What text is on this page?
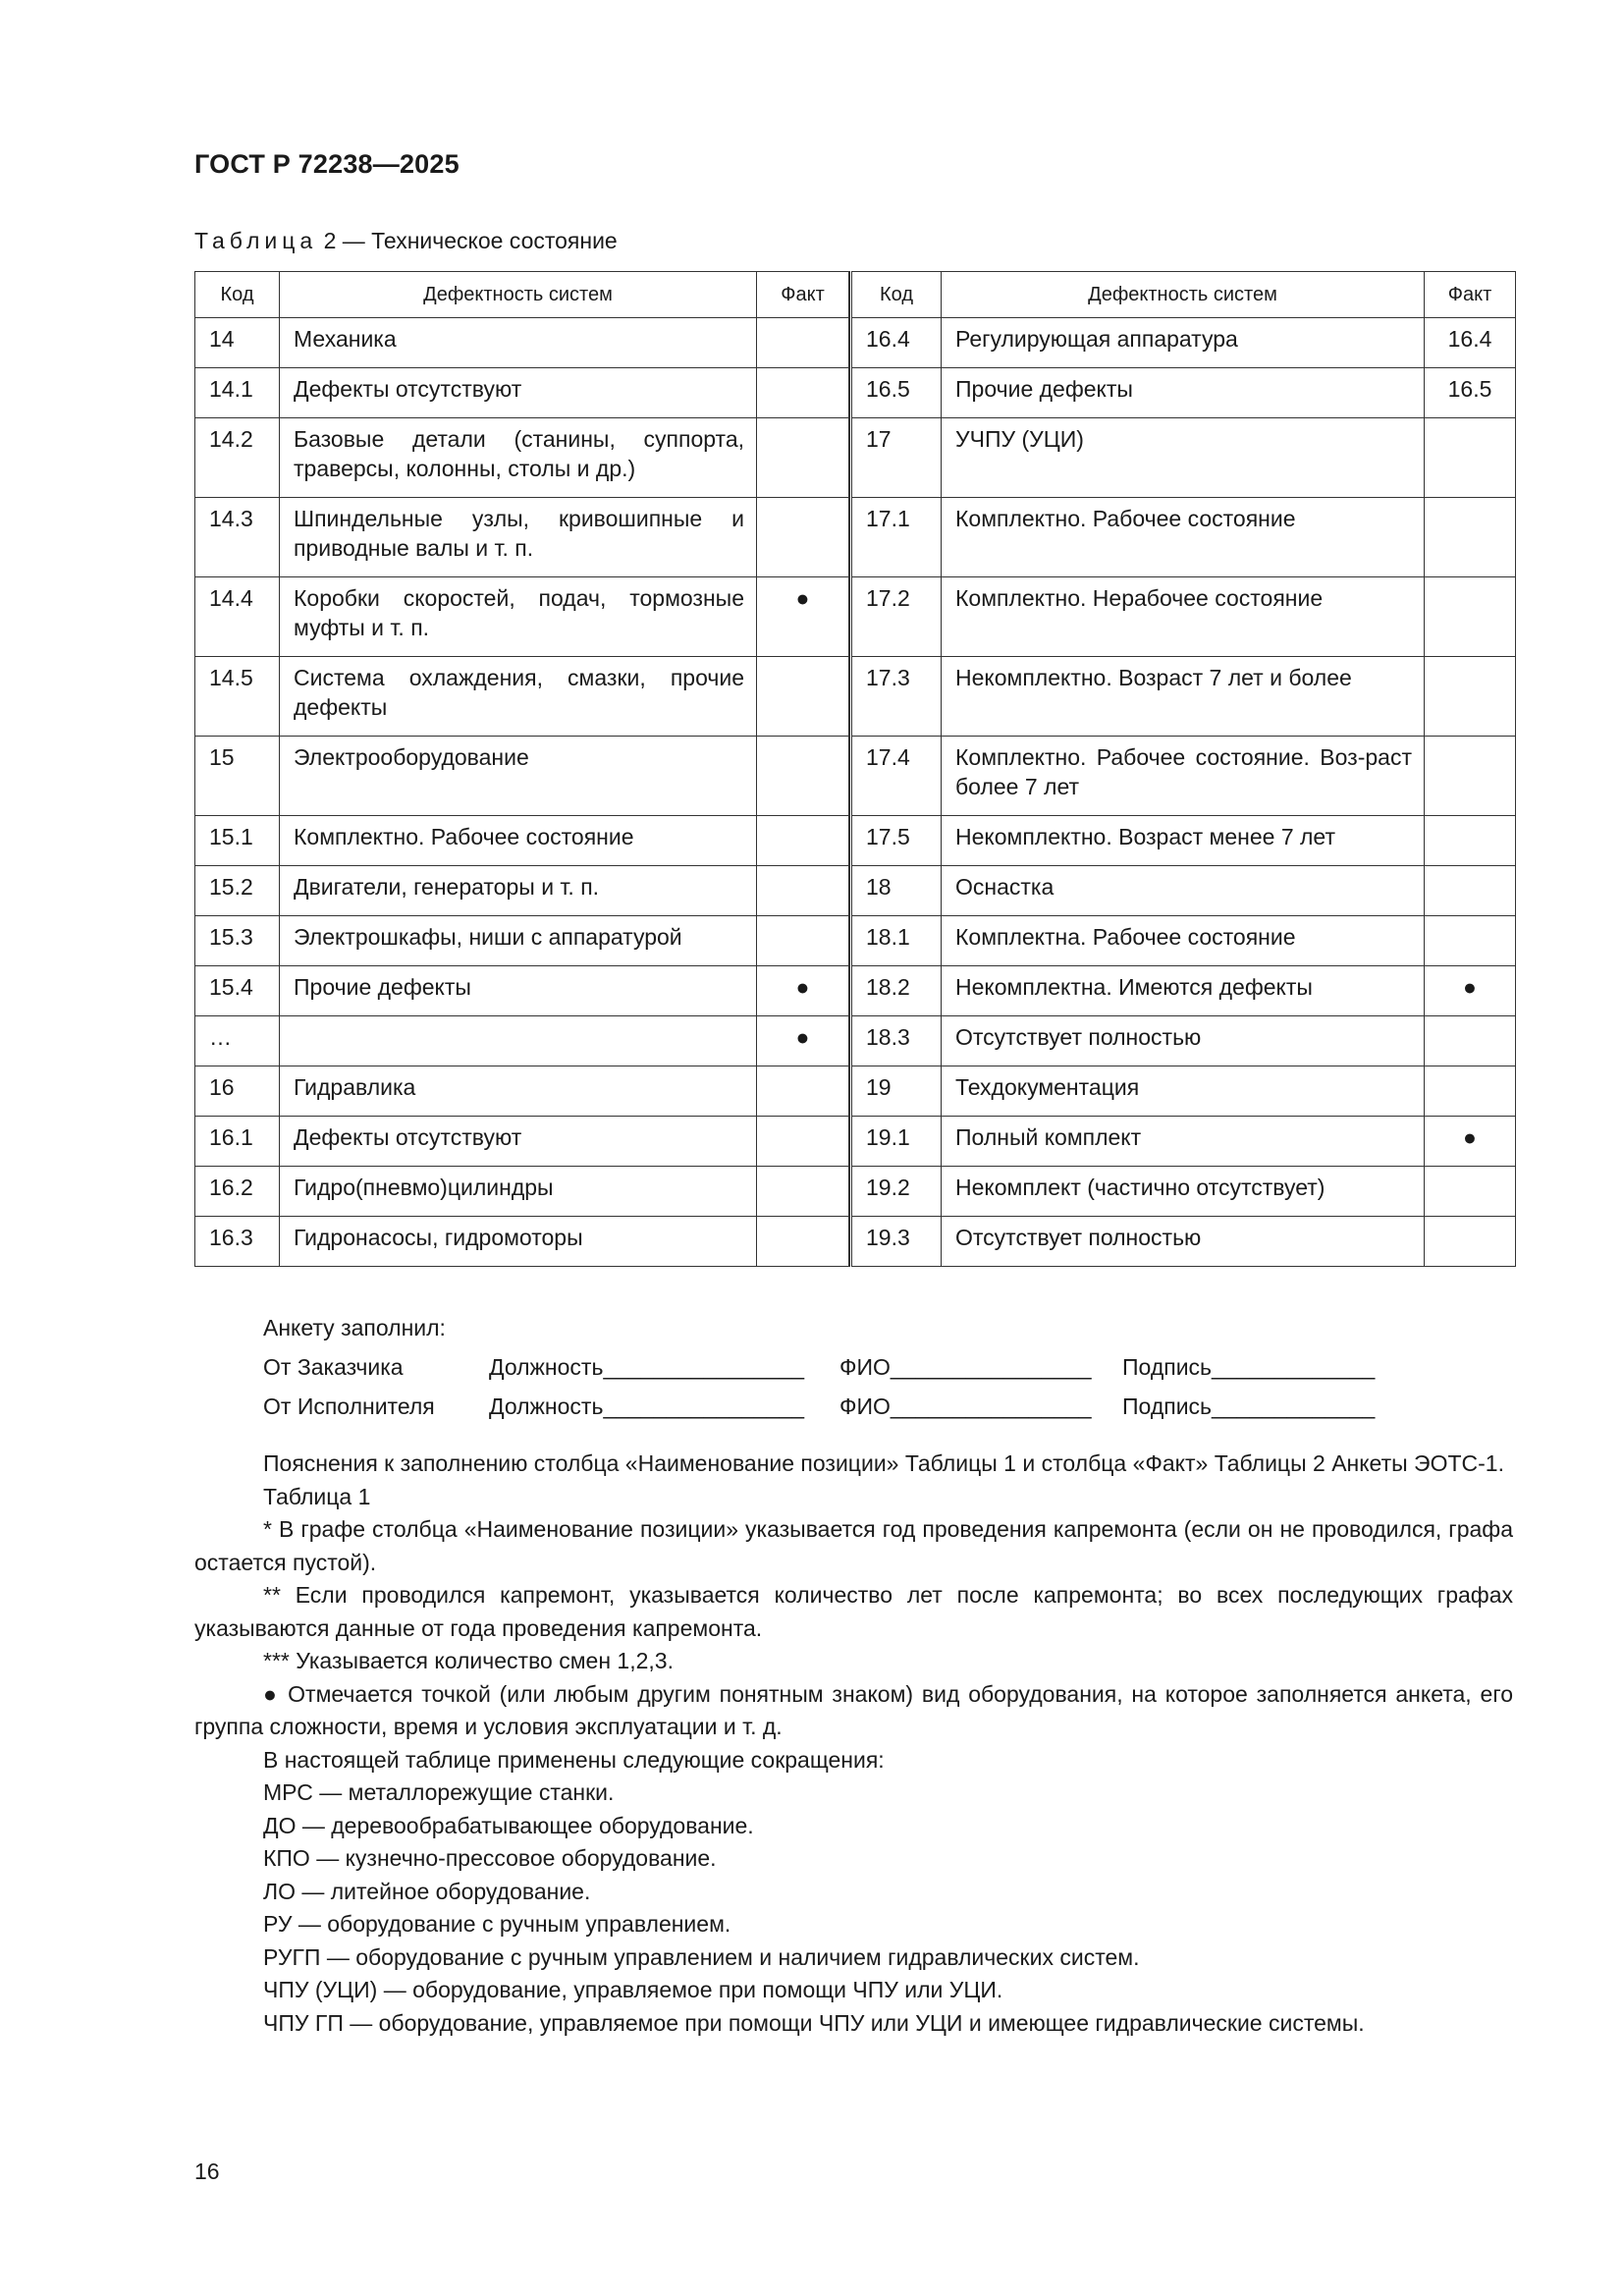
ГОСТ Р 72238—2025
Таблица 2 — Техническое состояние
Код	Дефектность систем	Факт
14	Механика	
14.1	Дефекты отсутствуют	
14.2	Базовые детали (станины, суппорта, траверсы, колонны, столы и др.)	
14.3	Шпиндельные узлы, кривошипные и приводные валы и т. п.	
14.4	Коробки скоростей, подач, тормозные муфты и т. п.	●
14.5	Система охлаждения, смазки, прочие дефекты	
15	Электрооборудование	
15.1	Комплектно. Рабочее состояние	
15.2	Двигатели, генераторы и т. п.	
15.3	Электрошкафы, ниши с аппаратурой	
15.4	Прочие дефекты	●
…		●
16	Гидравлика	
16.1	Дефекты отсутствуют	
16.2	Гидро(пневмо)цилиндры	
16.3	Гидронасосы, гидромоторы	
Код	Дефектность систем	Факт
16.4	Регулирующая аппаратура	16.4
16.5	Прочие дефекты	16.5
17	УЧПУ (УЦИ)	
17.1	Комплектно. Рабочее состояние	
17.2	Комплектно. Нерабочее состояние	
17.3	Некомплектно. Возраст 7 лет и более	
17.4	Комплектно. Рабочее состояние. Воз-раст более 7 лет	
17.5	Некомплектно. Возраст менее 7 лет	
18	Оснастка	
18.1	Комплектна. Рабочее состояние	
18.2	Некомплектна. Имеются дефекты	●
18.3	Отсутствует полностью	
19	Техдокументация	
19.1	Полный комплект	●
19.2	Некомплект (частично отсутствует)	
19.3	Отсутствует полностью	
Анкету заполнил:
От Заказчика	Должность________________	ФИО________________	Подпись_____________
От Исполнителя	Должность________________	ФИО________________	Подпись_____________

Пояснения к заполнению столбца «Наименование позиции» Таблицы 1 и столбца «Факт» Таблицы 2 Анкеты ЭОТС-1.

Таблица 1

* В графе столбца «Наименование позиции» указывается год проведения капремонта (если он не проводился, графа остается пустой).

** Если проводился капремонт, указывается количество лет после капремонта; во всех последующих графах указываются данные от года проведения капремонта.

*** Указывается количество смен 1,2,3.

● Отмечается точкой (или любым другим понятным знаком) вид оборудования, на которое заполняется анкета, его группа сложности, время и условия эксплуатации и т. д.

В настоящей таблице применены следующие сокращения:

МРС — металлорежущие станки.

ДО — деревообрабатывающее оборудование.

КПО — кузнечно-прессовое оборудование.

ЛО — литейное оборудование.

РУ — оборудование с ручным управлением.

РУГП — оборудование с ручным управлением и наличием гидравлических систем.

ЧПУ (УЦИ) — оборудование, управляемое при помощи ЧПУ или УЦИ.

ЧПУ ГП — оборудование, управляемое при помощи ЧПУ или УЦИ и имеющее гидравлические системы.

16
